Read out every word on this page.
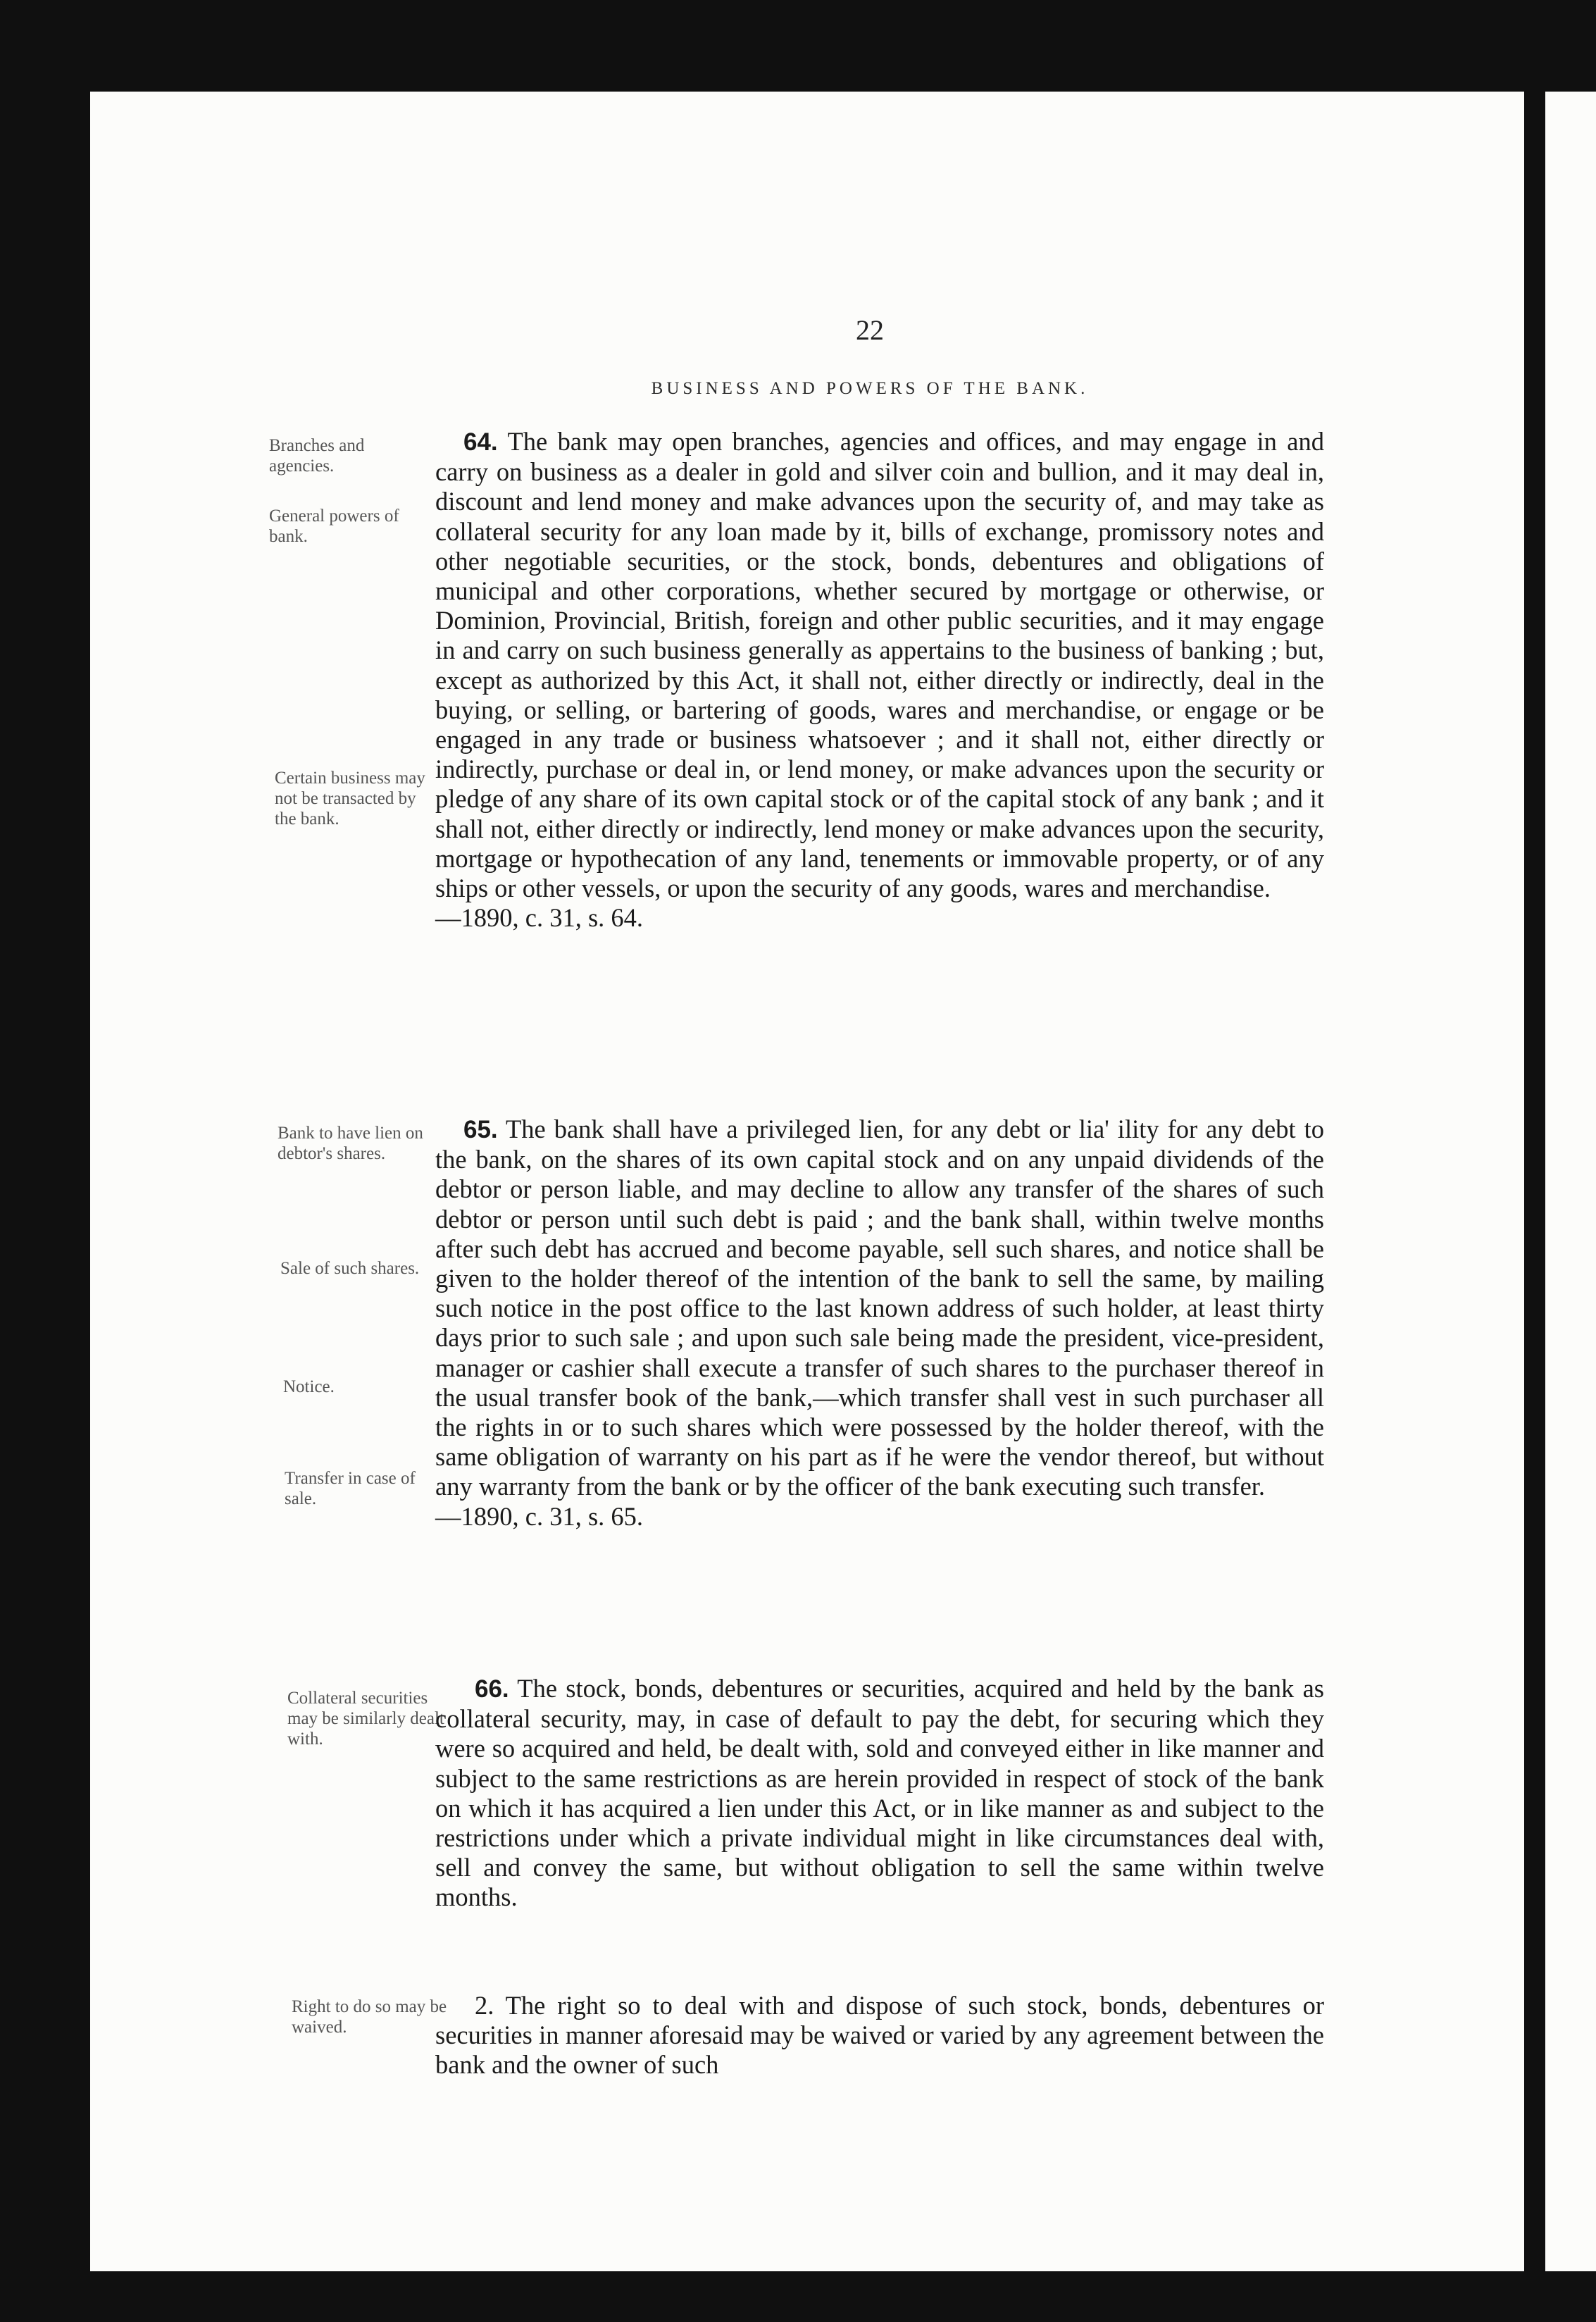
22
BUSINESS AND POWERS OF THE BANK.
Branches and agencies.
General powers of bank.
Certain business may not be transacted by the bank.
Bank to have lien on debtor's shares.
Sale of such shares.
Notice.
Transfer in case of sale.
Collateral securities may be similarly dealt with.
Right to do so may be waived.
64. The bank may open branches, agencies and offices, and may engage in and carry on business as a dealer in gold and silver coin and bullion, and it may deal in, discount and lend money and make advances upon the security of, and may take as collateral security for any loan made by it, bills of exchange, promissory notes and other negotiable securities, or the stock, bonds, debentures and obligations of municipal and other corporations, whether secured by mortgage or otherwise, or Dominion, Provincial, British, foreign and other public securities, and it may engage in and carry on such business generally as appertains to the business of banking ; but, except as authorized by this Act, it shall not, either directly or indirectly, deal in the buying, or selling, or bartering of goods, wares and merchandise, or engage or be engaged in any trade or business whatsoever ; and it shall not, either directly or indirectly, purchase or deal in, or lend money, or make advances upon the security or pledge of any share of its own capital stock or of the capital stock of any bank ; and it shall not, either directly or indirectly, lend money or make advances upon the security, mortgage or hypothecation of any land, tenements or immovable property, or of any ships or other vessels, or upon the security of any goods, wares and merchandise.
—1890, c. 31, s. 64.
65. The bank shall have a privileged lien, for any debt or lia' ility for any debt to the bank, on the shares of its own capital stock and on any unpaid dividends of the debtor or person liable, and may decline to allow any transfer of the shares of such debtor or person until such debt is paid ; and the bank shall, within twelve months after such debt has accrued and become payable, sell such shares, and notice shall be given to the holder thereof of the intention of the bank to sell the same, by mailing such notice in the post office to the last known address of such holder, at least thirty days prior to such sale ; and upon such sale being made the president, vice-president, manager or cashier shall execute a transfer of such shares to the purchaser thereof in the usual transfer book of the bank,—which transfer shall vest in such purchaser all the rights in or to such shares which were possessed by the holder thereof, with the same obligation of warranty on his part as if he were the vendor thereof, but without any warranty from the bank or by the officer of the bank executing such transfer.
—1890, c. 31, s. 65.
66. The stock, bonds, debentures or securities, acquired and held by the bank as collateral security, may, in case of default to pay the debt, for securing which they were so acquired and held, be dealt with, sold and conveyed either in like manner and subject to the same restrictions as are herein provided in respect of stock of the bank on which it has acquired a lien under this Act, or in like manner as and subject to the restrictions under which a private individual might in like circumstances deal with, sell and convey the same, but without obligation to sell the same within twelve months.
2. The right so to deal with and dispose of such stock, bonds, debentures or securities in manner aforesaid may be waived or varied by any agreement between the bank and the owner of such
